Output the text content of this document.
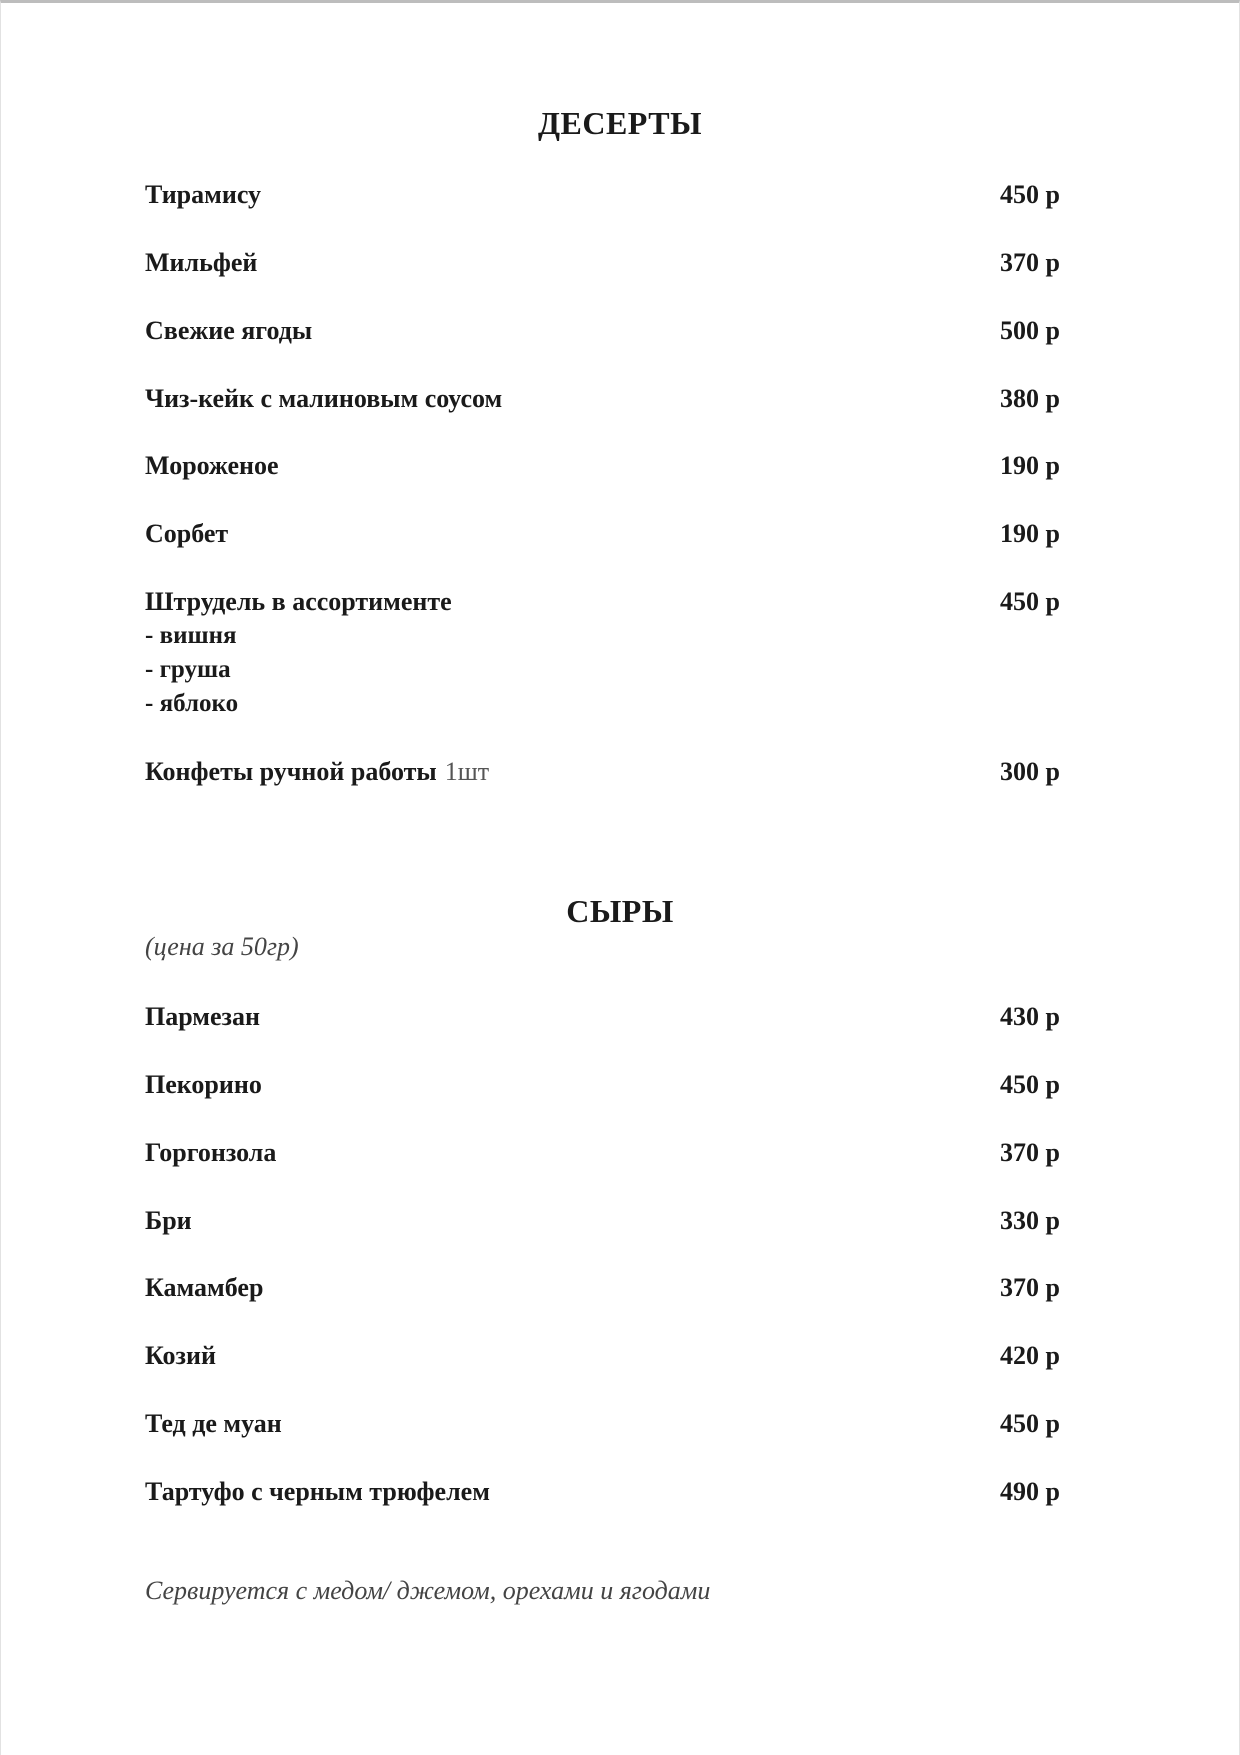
ДЕСЕРТЫ
Тирамису	450 р
Мильфей	370 р
Свежие ягоды	500 р
Чиз-кейк с малиновым соусом	380 р
Мороженое	190 р
Сорбет	190 р
Штрудель в ассортименте	450 р
- вишня
- груша
- яблоко
Конфеты ручной работы 1шт	300 р
СЫРЫ
(цена за 50гр)
Пармезан	430 р
Пекорино	450 р
Горгонзола	370 р
Бри	330 р
Камамбер	370 р
Козий	420 р
Тед де муан	450 р
Тартуфо с черным трюфелем	490 р
Сервируется с медом/ джемом, орехами и ягодами
